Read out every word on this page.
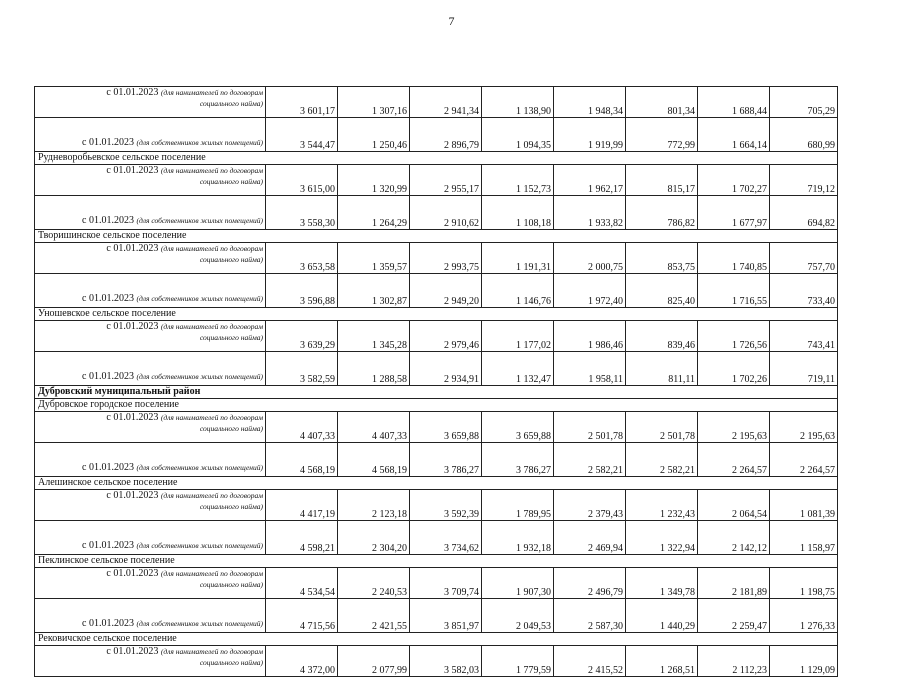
7
с 01.01.2023 (для нанимателей по договорам
социального найма)	3 601,17	1 307,16	2 941,34	1 138,90	1 948,34	801,34	1 688,44	705,29

с 01.01.2023 (для собственников жилых помещений)	3 544,47	1 250,46	2 896,79	1 094,35	1 919,99	772,99	1 664,14	680,99
Рудневоробьевское сельское поселение								

с 01.01.2023 (для нанимателей по договорам
социального найма)	3 615,00	1 320,99	2 955,17	1 152,73	1 962,17	815,17	1 702,27	719,12

с 01.01.2023 (для собственников жилых помещений)	3 558,30	1 264,29	2 910,62	1 108,18	1 933,82	786,82	1 677,97	694,82
Творишинское сельское поселение								

с 01.01.2023 (для нанимателей по договорам
социального найма)	3 653,58	1 359,57	2 993,75	1 191,31	2 000,75	853,75	1 740,85	757,70

с 01.01.2023 (для собственников жилых помещений)	3 596,88	1 302,87	2 949,20	1 146,76	1 972,40	825,40	1 716,55	733,40
Уношевское сельское поселение								

с 01.01.2023 (для нанимателей по договорам
социального найма)	3 639,29	1 345,28	2 979,46	1 177,02	1 986,46	839,46	1 726,56	743,41

с 01.01.2023 (для собственников жилых помещений)	3 582,59	1 288,58	2 934,91	1 132,47	1 958,11	811,11	1 702,26	719,11
Дубровский муниципальный район								
Дубровское городское поселение								

с 01.01.2023 (для нанимателей по договорам
социального найма)	4 407,33	4 407,33	3 659,88	3 659,88	2 501,78	2 501,78	2 195,63	2 195,63

с 01.01.2023 (для собственников жилых помещений)	4 568,19	4 568,19	3 786,27	3 786,27	2 582,21	2 582,21	2 264,57	2 264,57
Алешинское сельское поселение								

с 01.01.2023 (для нанимателей по договорам
социального найма)	4 417,19	2 123,18	3 592,39	1 789,95	2 379,43	1 232,43	2 064,54	1 081,39

с 01.01.2023 (для собственников жилых помещений)	4 598,21	2 304,20	3 734,62	1 932,18	2 469,94	1 322,94	2 142,12	1 158,97
Пеклинское сельское поселение								

с 01.01.2023 (для нанимателей по договорам
социального найма)	4 534,54	2 240,53	3 709,74	1 907,30	2 496,79	1 349,78	2 181,89	1 198,75

с 01.01.2023 (для собственников жилых помещений)	4 715,56	2 421,55	3 851,97	2 049,53	2 587,30	1 440,29	2 259,47	1 276,33
Рековичское сельское поселение								

с 01.01.2023 (для нанимателей по договорам
социального найма)	4 372,00	2 077,99	3 582,03	1 779,59	2 415,52	1 268,51	2 112,23	1 129,09
